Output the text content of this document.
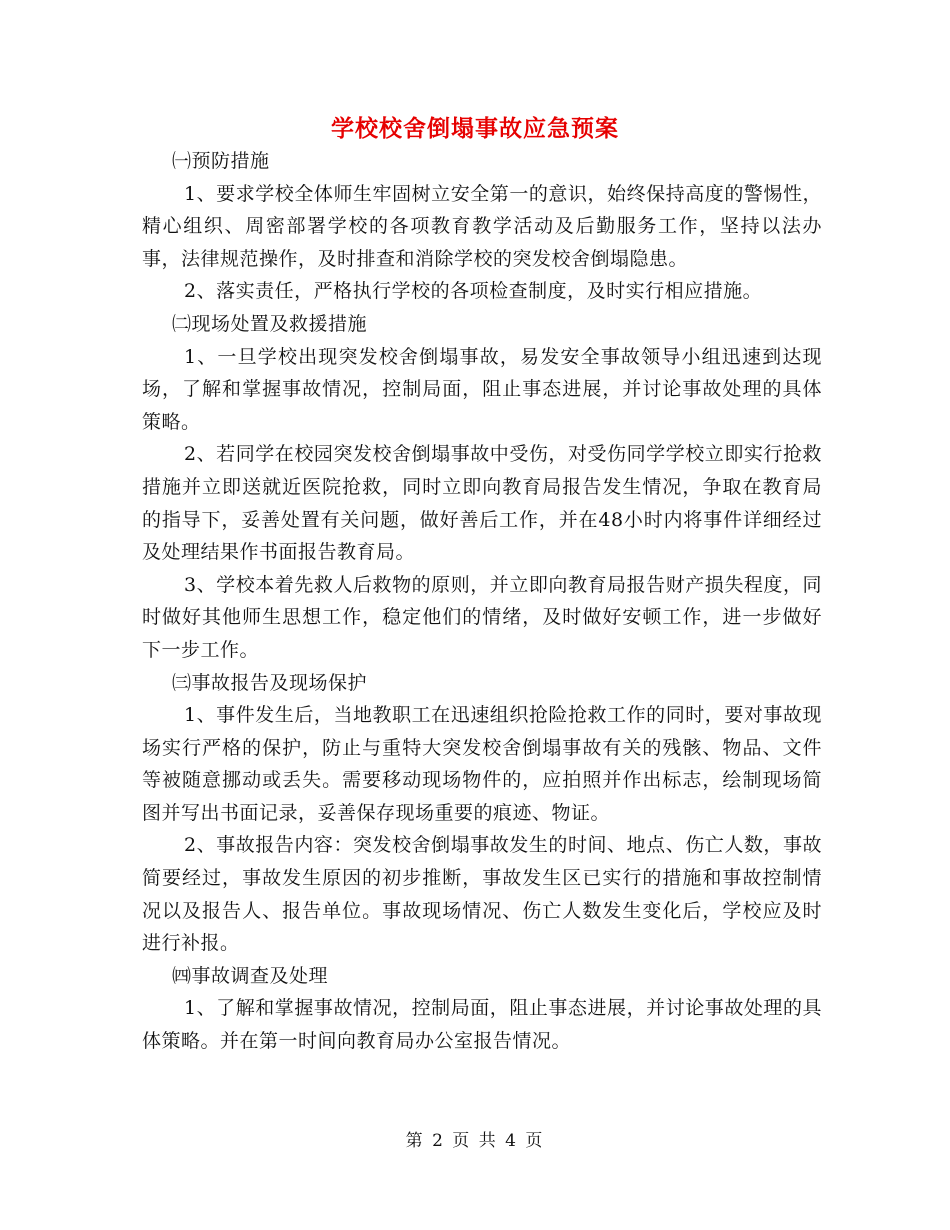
学校校舍倒塌事故应急预案

㈠预防措施

1、要求学校全体师生牢固树立安全第一的意识，始终保持高度的警惕性，精心组织、周密部署学校的各项教育教学活动及后勤服务工作，坚持以法办事，法律规范操作，及时排查和消除学校的突发校舍倒塌隐患。

2、落实责任，严格执行学校的各项检查制度，及时实行相应措施。

㈡现场处置及救援措施

1、一旦学校出现突发校舍倒塌事故，易发安全事故领导小组迅速到达现场，了解和掌握事故情况，控制局面，阻止事态进展，并讨论事故处理的具体策略。

2、若同学在校园突发校舍倒塌事故中受伤，对受伤同学学校立即实行抢救措施并立即送就近医院抢救，同时立即向教育局报告发生情况，争取在教育局的指导下，妥善处置有关问题，做好善后工作，并在48小时内将事件详细经过及处理结果作书面报告教育局。

3、学校本着先救人后救物的原则，并立即向教育局报告财产损失程度，同时做好其他师生思想工作，稳定他们的情绪，及时做好安顿工作，进一步做好下一步工作。

㈢事故报告及现场保护

1、事件发生后，当地教职工在迅速组织抢险抢救工作的同时，要对事故现场实行严格的保护，防止与重特大突发校舍倒塌事故有关的残骸、物品、文件等被随意挪动或丢失。需要移动现场物件的，应拍照并作出标志，绘制现场简图并写出书面记录，妥善保存现场重要的痕迹、物证。

2、事故报告内容：突发校舍倒塌事故发生的时间、地点、伤亡人数，事故简要经过，事故发生原因的初步推断，事故发生区已实行的措施和事故控制情况以及报告人、报告单位。事故现场情况、伤亡人数发生变化后，学校应及时进行补报。

㈣事故调查及处理

1、了解和掌握事故情况，控制局面，阻止事态进展，并讨论事故处理的具体策略。并在第一时间向教育局办公室报告情况。

第 2 页 共 4 页
